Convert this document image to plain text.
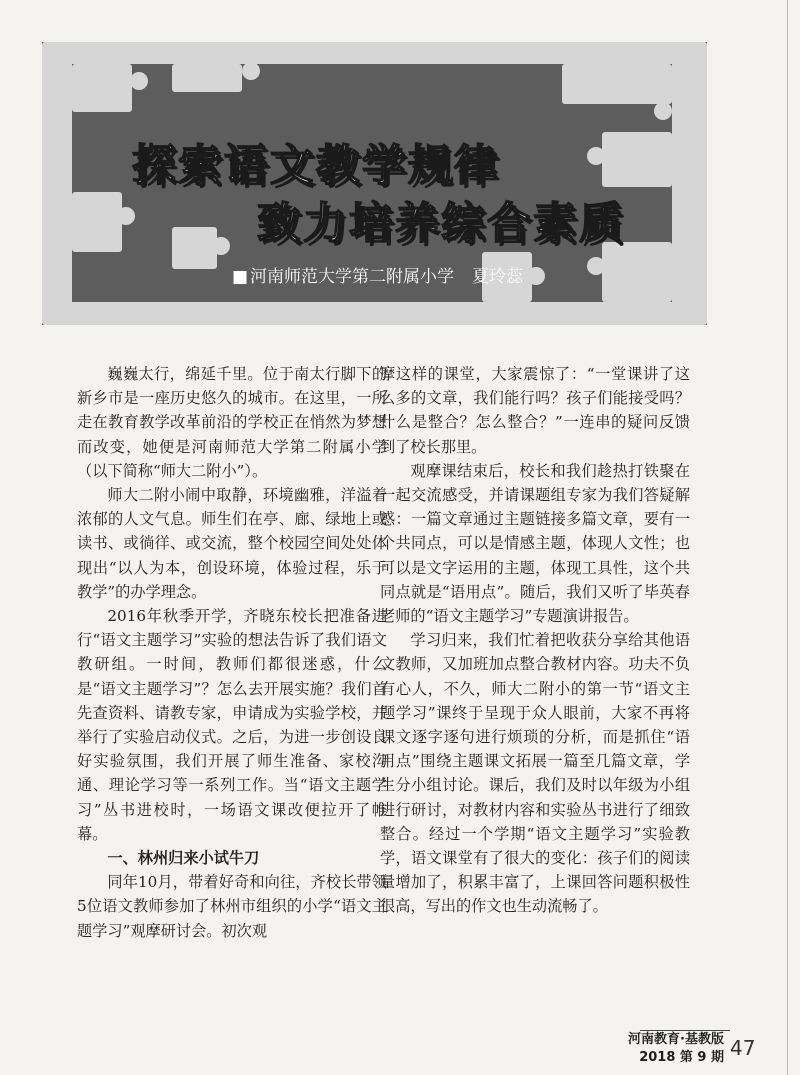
探索语文教学规律
致力培养综合素质
■ 河南师范大学第二附属小学 夏玲蕊

巍巍太行，绵延千里。位于南太行脚下的新乡市是一座历史悠久的城市。在这里，一所走在教育教学改革前沿的学校正在悄然为梦想而改变，她便是河南师范大学第二附属小学（以下简称“师大二附小”）。

师大二附小闹中取静，环境幽雅，洋溢着浓郁的人文气息。师生们在亭、廊、绿地上或读书、或徜徉、或交流，整个校园空间处处体现出“以人为本，创设环境，体验过程，乐于教学”的办学理念。

2016年秋季开学，齐晓东校长把准备进行“语文主题学习”实验的想法告诉了我们语文教研组。一时间，教师们都很迷惑，什么是“语文主题学习”？怎么去开展实施？我们首先查资料、请教专家，申请成为实验学校，并举行了实验启动仪式。之后，为进一步创设良好实验氛围，我们开展了师生准备、家校沟通、理论学习等一系列工作。当“语文主题学习”丛书进校时，一场语文课改便拉开了帷幕。

一、林州归来小试牛刀

同年10月，带着好奇和向往，齐校长带领5位语文教师参加了林州市组织的小学“语文主题学习”观摩研讨会。初次观

摩这样的课堂，大家震惊了：“一堂课讲了这么多的文章，我们能行吗？孩子们能接受吗？什么是整合？怎么整合？”一连串的疑问反馈到了校长那里。

观摩课结束后，校长和我们趁热打铁聚在一起交流感受，并请课题组专家为我们答疑解惑：一篇文章通过主题链接多篇文章，要有一个共同点，可以是情感主题，体现人文性；也可以是文字运用的主题，体现工具性，这个共同点就是“语用点”。随后，我们又听了毕英春老师的“语文主题学习”专题演讲报告。

学习归来，我们忙着把收获分享给其他语文教师，又加班加点整合教材内容。功夫不负有心人，不久，师大二附小的第一节“语文主题学习”课终于呈现于众人眼前，大家不再将课文逐字逐句进行烦琐的分析，而是抓住“语用点”围绕主题课文拓展一篇至几篇文章，学生分小组讨论。课后，我们及时以年级为小组进行研讨，对教材内容和实验丛书进行了细致整合。经过一个学期“语文主题学习”实验教学，语文课堂有了很大的变化：孩子们的阅读量增加了，积累丰富了，上课回答问题积极性很高，写出的作文也生动流畅了。

河南教育·基教版
2018 第 9 期 47
